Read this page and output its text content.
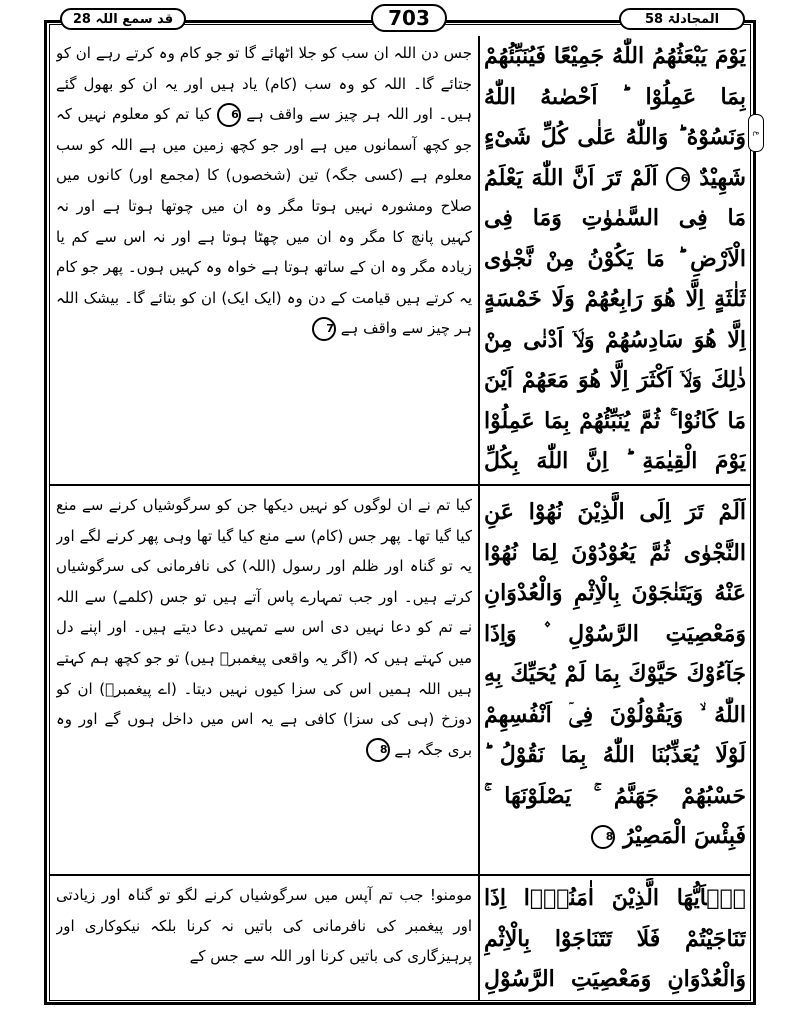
قد سمع اللہ 28	703	المجادلۃ 58
ع
يَوْمَ يَبْعَثُهُمُ اللّٰهُ جَمِيْعًا فَيُنَبِّئُهُمْ بِمَا عَمِلُوْا ؕ اَحْصٰىهُ اللّٰهُ وَنَسُوْهُ ؕ وَاللّٰهُ عَلٰى كُلِّ شَىْءٍ شَهِيْدٌ 6 اَلَمْ تَرَ اَنَّ اللّٰهَ يَعْلَمُ مَا فِى السَّمٰوٰتِ وَمَا فِى الْاَرْضِ ؕ مَا يَكُوْنُ مِنْ نَّجْوٰى ثَلٰثَةٍ اِلَّا هُوَ رَابِعُهُمْ وَلَا خَمْسَةٍ اِلَّا هُوَ سَادِسُهُمْ وَلَاۤ اَدْنٰى مِنْ ذٰلِكَ وَلَاۤ اَكْثَرَ اِلَّا هُوَ مَعَهُمْ اَيْنَ مَا كَانُوْا ۚ ثُمَّ يُنَبِّئُهُمْ بِمَا عَمِلُوْا يَوْمَ الْقِيٰمَةِ ؕ اِنَّ اللّٰهَ بِكُلِّ
جس دن اللہ ان سب کو جلا اٹھائے گا تو جو کام وہ کرتے رہے ان کو جتائے گا۔ اللہ کو وہ سب (کام) یاد ہیں اور یہ ان کو بھول گئے ہیں۔ اور اللہ ہر چیز سے واقف ہے 6 کیا تم کو معلوم نہیں کہ جو کچھ آسمانوں میں ہے اور جو کچھ زمین میں ہے اللہ کو سب معلوم ہے (کسی جگہ) تین (شخصوں) کا (مجمع اور) کانوں میں صلاح ومشورہ نہیں ہوتا مگر وہ ان میں چوتھا ہوتا ہے اور نہ کہیں پانچ کا مگر وہ ان میں چھٹا ہوتا ہے اور نہ اس سے کم یا زیادہ مگر وہ ان کے ساتھ ہوتا ہے خواہ وہ کہیں ہوں۔ پھر جو کام یہ کرتے ہیں قیامت کے دن وہ (ایک ایک) ان کو بتائے گا۔ بیشک اللہ ہر چیز سے واقف ہے 7
اَلَمْ تَرَ اِلَى الَّذِيْنَ نُهُوْا عَنِ النَّجْوٰى ثُمَّ يَعُوْدُوْنَ لِمَا نُهُوْا عَنْهُ وَيَتَنٰجَوْنَ بِالْاِثْمِ وَالْعُدْوَانِ وَمَعْصِيَتِ الرَّسُوْلِ ۫ وَاِذَا جَآءُوْكَ حَيَّوْكَ بِمَا لَمْ يُحَيِّكَ بِهِ اللّٰهُ ۙ وَيَقُوْلُوْنَ فِىۤ اَنْفُسِهِمْ لَوْلَا يُعَذِّبُنَا اللّٰهُ بِمَا نَقُوْلُ ؕ حَسْبُهُمْ جَهَنَّمُ ۚ يَصْلَوْنَهَا ۚ فَبِئْسَ الْمَصِيْرُ 8
کیا تم نے ان لوگوں کو نہیں دیکھا جن کو سرگوشیاں کرنے سے منع کیا گیا تھا۔ پھر جس (کام) سے منع کیا گیا تھا وہی پھر کرنے لگے اور یہ تو گناہ اور ظلم اور رسول (اللہ) کی نافرمانی کی سرگوشیاں کرتے ہیں۔ اور جب تمہارے پاس آتے ہیں تو جس (کلمے) سے اللہ نے تم کو دعا نہیں دی اس سے تمہیں دعا دیتے ہیں۔ اور اپنے دل میں کہتے ہیں کہ (اگر یہ واقعی پیغمبرؐ ہیں) تو جو کچھ ہم کہتے ہیں اللہ ہمیں اس کی سزا کیوں نہیں دیتا۔ (اے پیغمبرؐ) ان کو دوزخ (ہی کی سزا) کافی ہے یہ اس میں داخل ہوں گے اور وہ بری جگہ ہے 8
يٰۤاَيُّهَا الَّذِيْنَ اٰمَنُوْۤا اِذَا تَنَاجَيْتُمْ فَلَا تَتَنَاجَوْا بِالْاِثْمِ وَالْعُدْوَانِ وَمَعْصِيَتِ الرَّسُوْلِ
مومنو! جب تم آپس میں سرگوشیاں کرنے لگو تو گناہ اور زیادتی اور پیغمبر کی نافرمانی کی باتیں نہ کرنا بلکہ نیکوکاری اور پرہیزگاری کی باتیں کرنا اور اللہ سے جس کے
